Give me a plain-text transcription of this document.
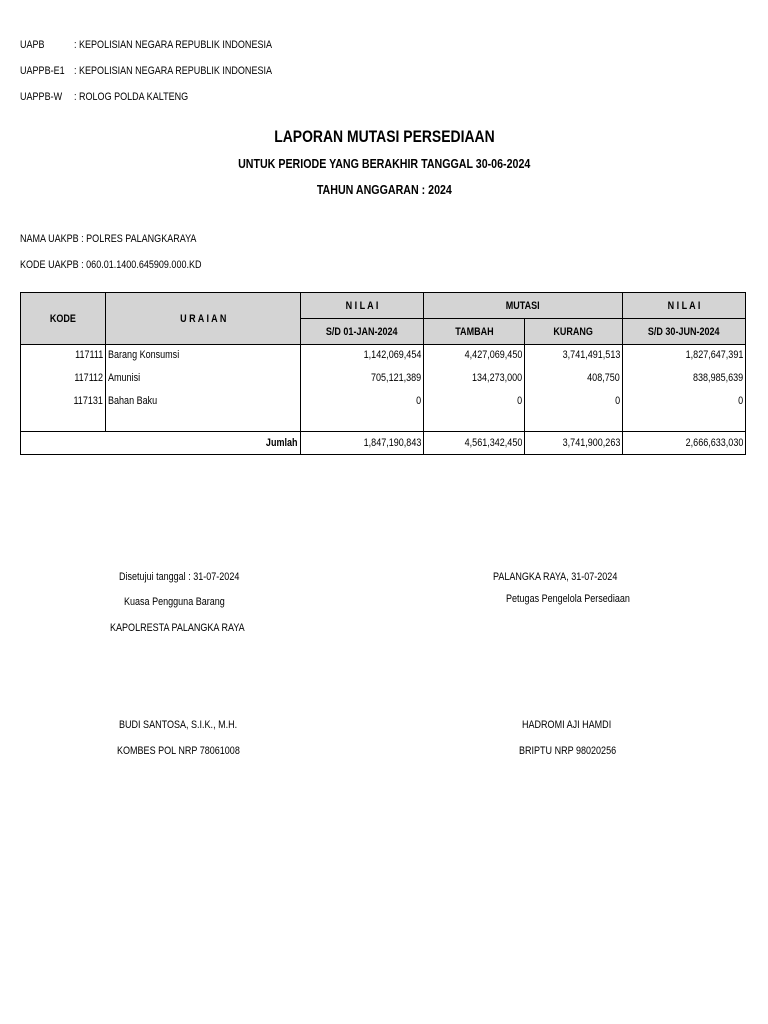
UAPB	: KEPOLISIAN NEGARA REPUBLIK INDONESIA
UAPPB-E1 : KEPOLISIAN NEGARA REPUBLIK INDONESIA
UAPPB-W : ROLOG POLDA KALTENG
LAPORAN MUTASI PERSEDIAAN
UNTUK PERIODE YANG BERAKHIR TANGGAL 30-06-2024
TAHUN ANGGARAN : 2024
NAMA UAKPB : POLRES PALANGKARAYA
KODE UAKPB : 060.01.1400.645909.000.KD
KODE	U R A I A N	N I L A I	MUTASI		N I L A I
		S/D 01-JAN-2024	TAMBAH	KURANG	S/D 30-JUN-2024
117111	Barang Konsumsi	1,142,069,454	4,427,069,450	3,741,491,513	1,827,647,391
117112	Amunisi	705,121,389	134,273,000	408,750	838,985,639
117131	Bahan Baku	0	0	0	0

Jumlah		1,847,190,843	4,561,342,450	3,741,900,263	2,666,633,030
Disetujui tanggal : 31-07-2024
Kuasa Pengguna Barang
KAPOLRESTA PALANGKA RAYA
BUDI SANTOSA, S.I.K., M.H.
KOMBES POL NRP 78061008
PALANGKA RAYA, 31-07-2024
Petugas Pengelola Persediaan
HADROMI AJI HAMDI
BRIPTU NRP 98020256
